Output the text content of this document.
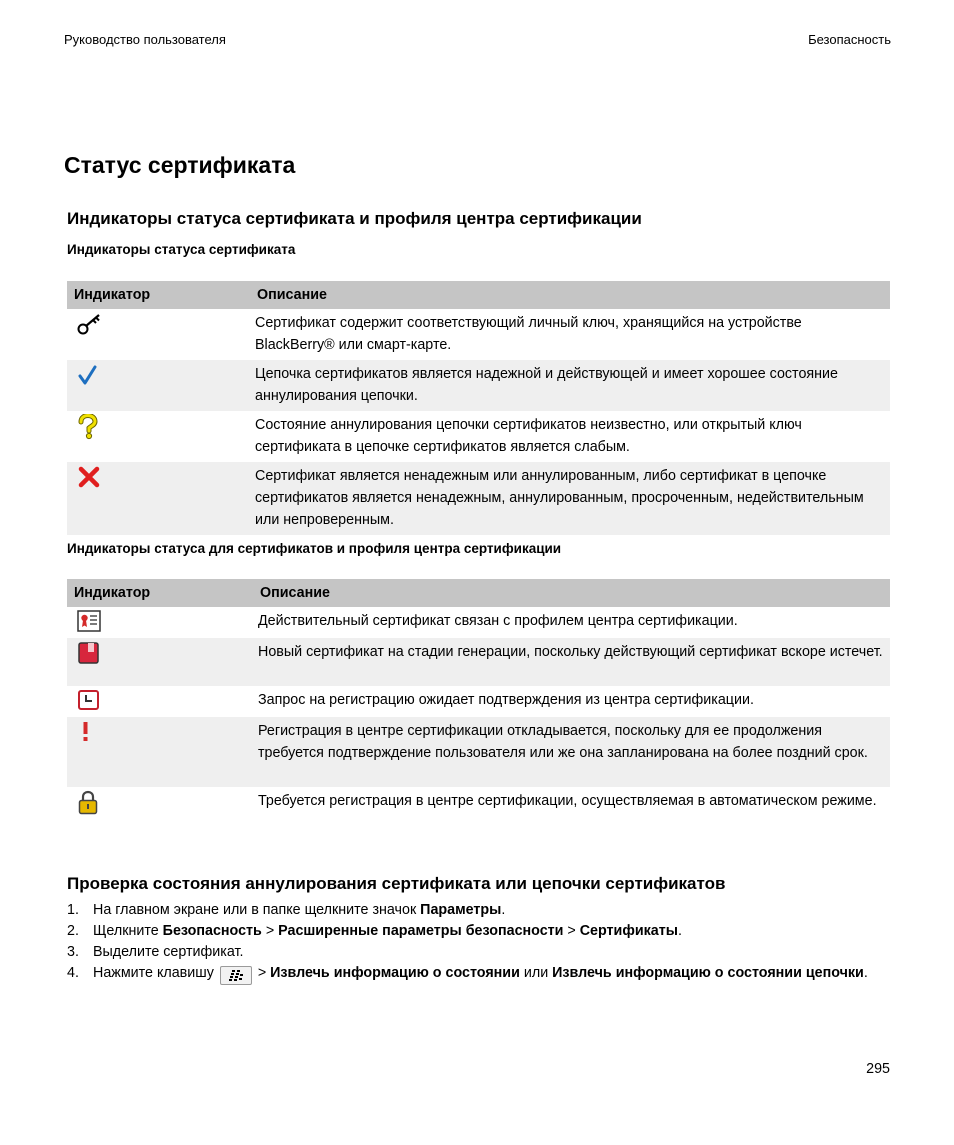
Руководство пользователя	Безопасность
Статус сертификата
Индикаторы статуса сертификата и профиля центра сертификации
Индикаторы статуса сертификата
Индикатор	Описание

	Сертификат содержит соответствующий личный ключ, хранящийся на устройстве BlackBerry® или смарт-карте.

	Цепочка сертификатов является надежной и действующей и имеет хорошее состояние аннулирования цепочки.

	Состояние аннулирования цепочки сертификатов неизвестно, или открытый ключ сертификата в цепочке сертификатов является слабым.

	Сертификат является ненадежным или аннулированным, либо сертификат в цепочке сертификатов является ненадежным, аннулированным, просроченным, недействительным или непроверенным.
Индикаторы статуса для сертификатов и профиля центра сертификации
Индикатор	Описание

	Действительный сертификат связан с профилем центра сертификации.

	Новый сертификат на стадии генерации, поскольку действующий сертификат вскоре истечет.

	Запрос на регистрацию ожидает подтверждения из центра сертификации.

	Регистрация в центре сертификации откладывается, поскольку для ее продолжения требуется подтверждение пользователя или же она запланирована на более поздний срок.

	Требуется регистрация в центре сертификации, осуществляемая в автоматическом режиме.
Проверка состояния аннулирования сертификата или цепочки сертификатов
1. На главном экране или в папке щелкните значок Параметры.
2. Щелкните Безопасность > Расширенные параметры безопасности > Сертификаты.
3. Выделите сертификат.
4. Нажмите клавишу	> Извлечь информацию о состоянии или Извлечь информацию о состоянии цепочки.
295
